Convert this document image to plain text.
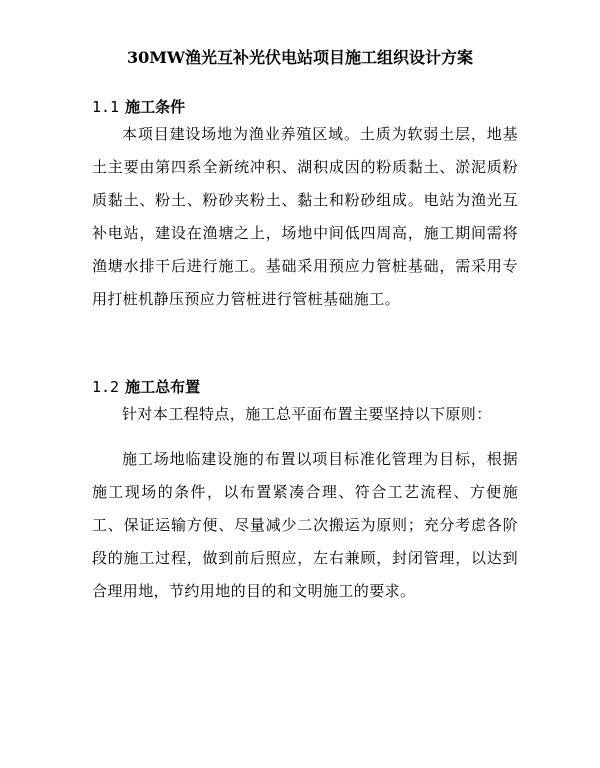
30MW渔光互补光伏电站项目施工组织设计方案
1.1 施工条件
本项目建设场地为渔业养殖区域。土质为软弱土层，地基土主要由第四系全新统冲积、湖积成因的粉质黏土、淤泥质粉质黏土、粉土、粉砂夹粉土、黏土和粉砂组成。电站为渔光互补电站，建设在渔塘之上，场地中间低四周高，施工期间需将渔塘水排干后进行施工。基础采用预应力管桩基础，需采用专用打桩机静压预应力管桩进行管桩基础施工。
1.2 施工总布置
针对本工程特点，施工总平面布置主要坚持以下原则：
施工场地临建设施的布置以项目标准化管理为目标，根据施工现场的条件，以布置紧凑合理、符合工艺流程、方便施工、保证运输方便、尽量减少二次搬运为原则；充分考虑各阶段的施工过程，做到前后照应，左右兼顾，封闭管理，以达到合理用地，节约用地的目的和文明施工的要求。
